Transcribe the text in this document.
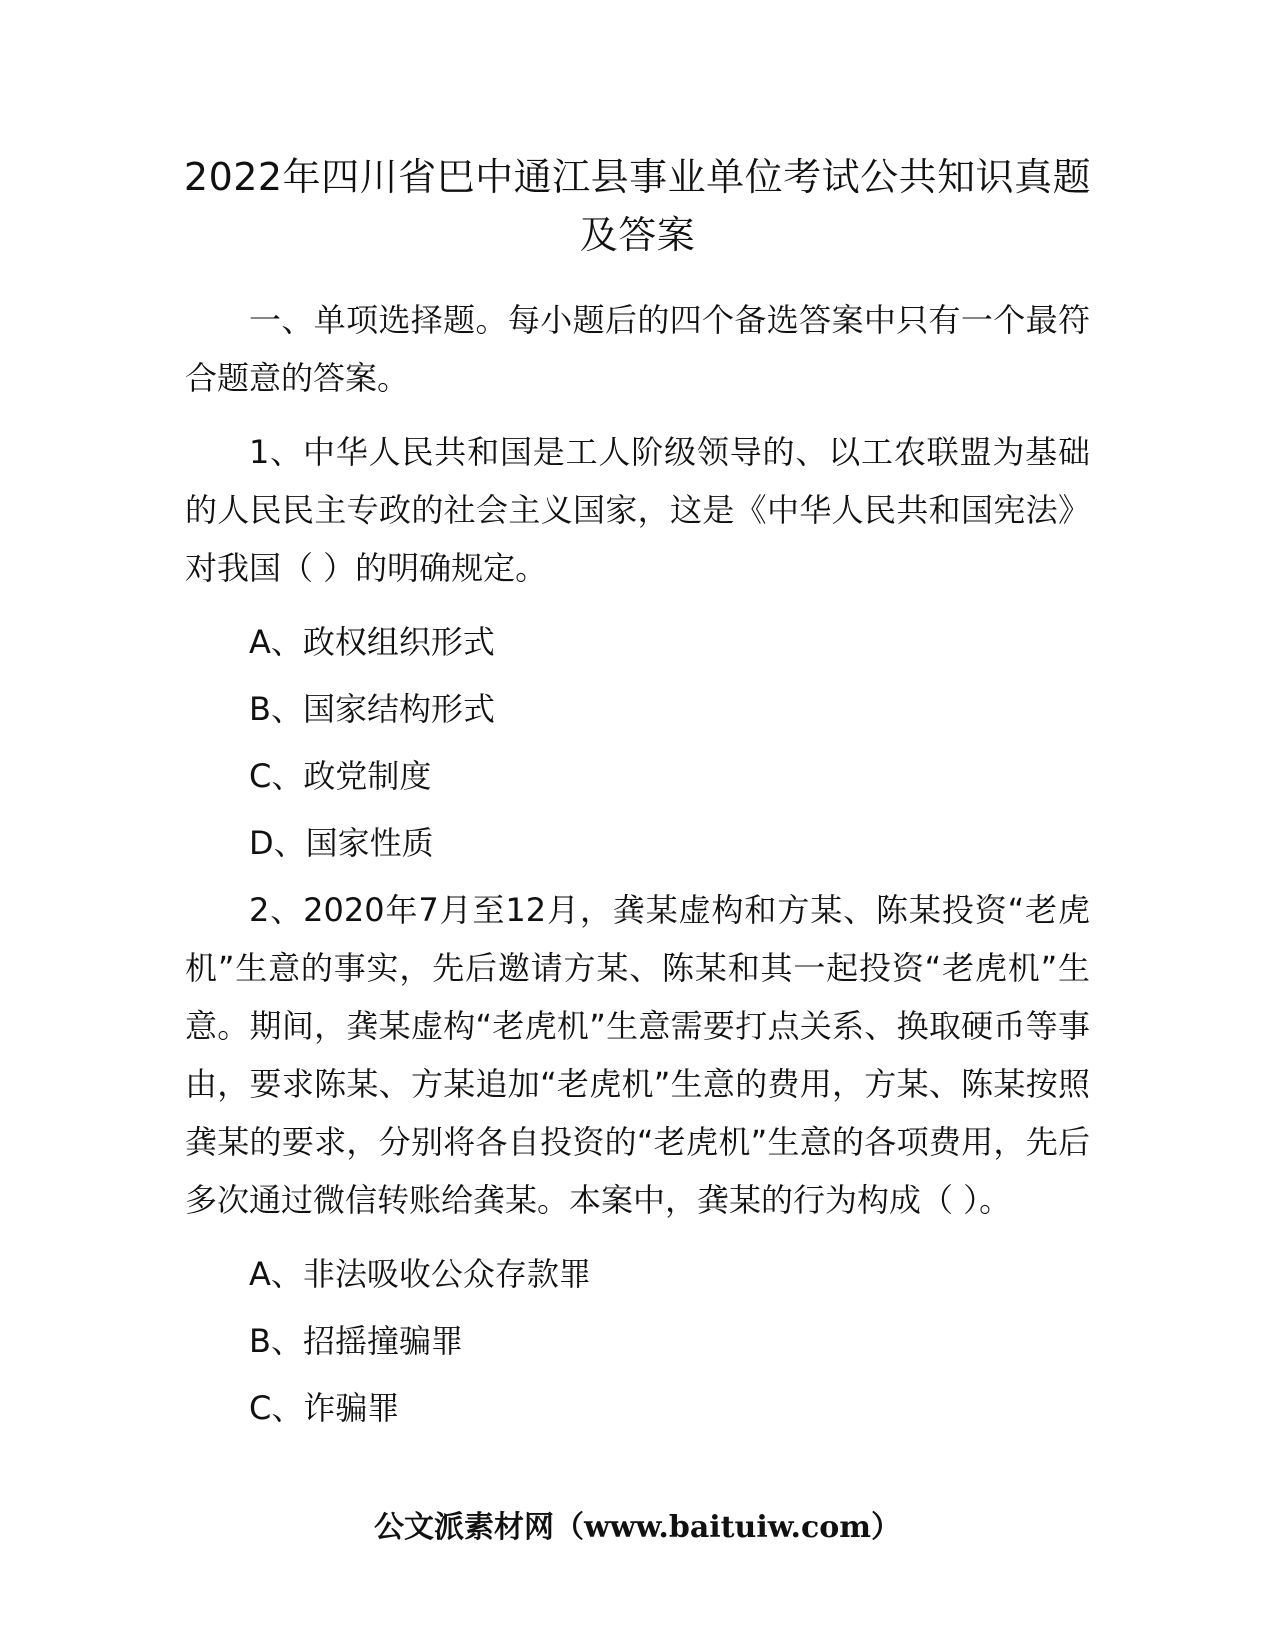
2022年四川省巴中通江县事业单位考试公共知识真题及答案

一、单项选择题。每小题后的四个备选答案中只有一个最符合题意的答案。

1、中华人民共和国是工人阶级领导的、以工农联盟为基础的人民民主专政的社会主义国家，这是《中华人民共和国宪法》对我国（ ）的明确规定。

A、政权组织形式

B、国家结构形式

C、政党制度

D、国家性质

2、2020年7月至12月，龚某虚构和方某、陈某投资“老虎机”生意的事实，先后邀请方某、陈某和其一起投资“老虎机”生意。期间，龚某虚构“老虎机”生意需要打点关系、换取硬币等事由，要求陈某、方某追加“老虎机”生意的费用，方某、陈某按照龚某的要求，分别将各自投资的“老虎机”生意的各项费用，先后多次通过微信转账给龚某。本案中，龚某的行为构成（ ）。

A、非法吸收公众存款罪

B、招摇撞骗罪

C、诈骗罪

公文派素材网（www.baituiw.com）
